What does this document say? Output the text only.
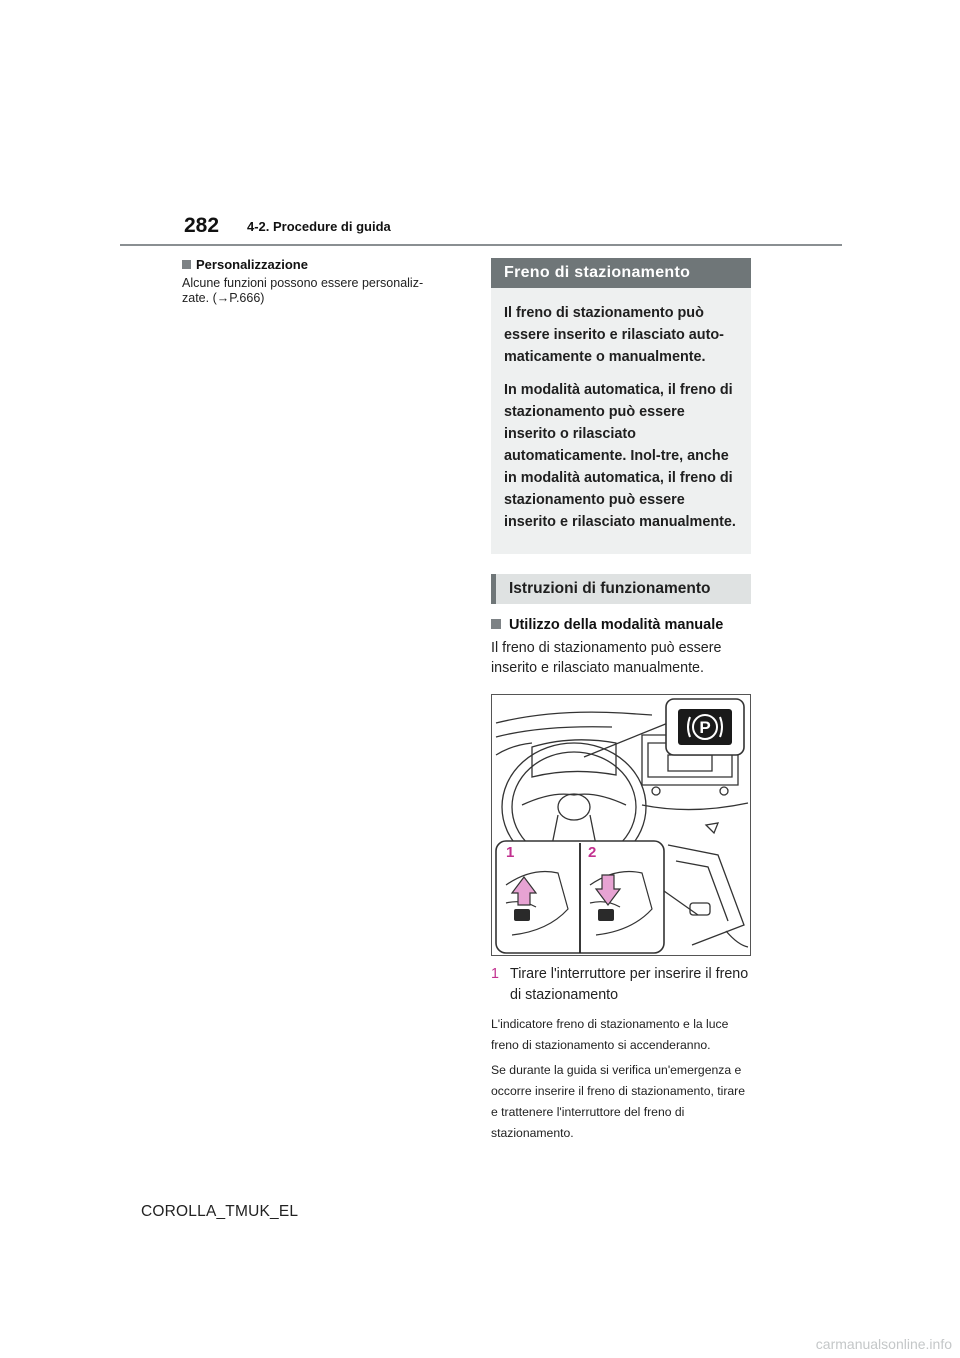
282 4-2. Procedure di guida
Personalizzazione
Alcune funzioni possono essere personaliz-
zate. (→P.666)
Freno di stazionamento

Il freno di stazionamento può essere inserito e rilasciato auto-maticamente o manualmente.

In modalità automatica, il freno di stazionamento può essere inserito o rilasciato automaticamente. Inol-tre, anche in modalità automatica, il freno di stazionamento può essere inserito e rilasciato manualmente.

Istruzioni di funzionamento
Utilizzo della modalità manuale
Il freno di stazionamento può essere inserito e rilasciato manualmente.
P
1	2
1 Tirare l'interruttore per inserire il freno di stazionamento

L'indicatore freno di stazionamento e la luce freno di stazionamento si accenderanno.

Se durante la guida si verifica un'emergenza e occorre inserire il freno di stazionamento, tirare e trattenere l'interruttore del freno di stazionamento.

COROLLA_TMUK_EL
carmanualsonline.info
